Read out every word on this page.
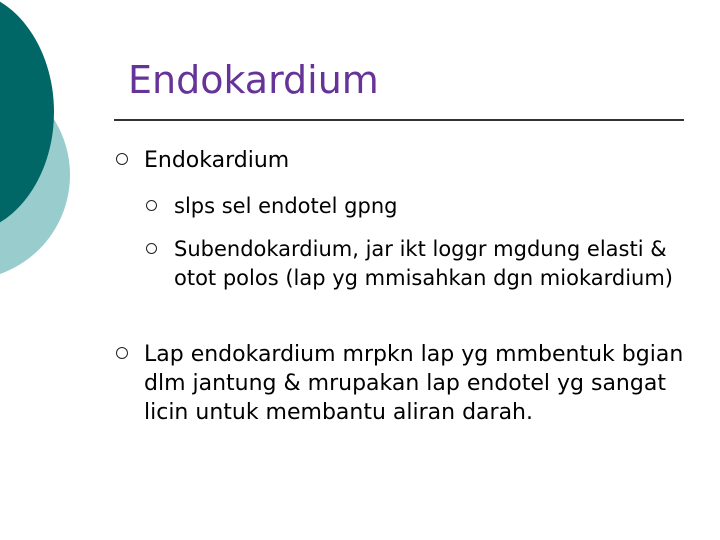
Endokardium
Endokardium
slps sel endotel gpng
Subendokardium, jar ikt loggr mgdung elasti & otot polos (lap yg mmisahkan dgn miokardium)
Lap endokardium mrpkn lap yg mmbentuk bgian dlm jantung & mrupakan lap endotel yg sangat licin untuk membantu aliran darah.
